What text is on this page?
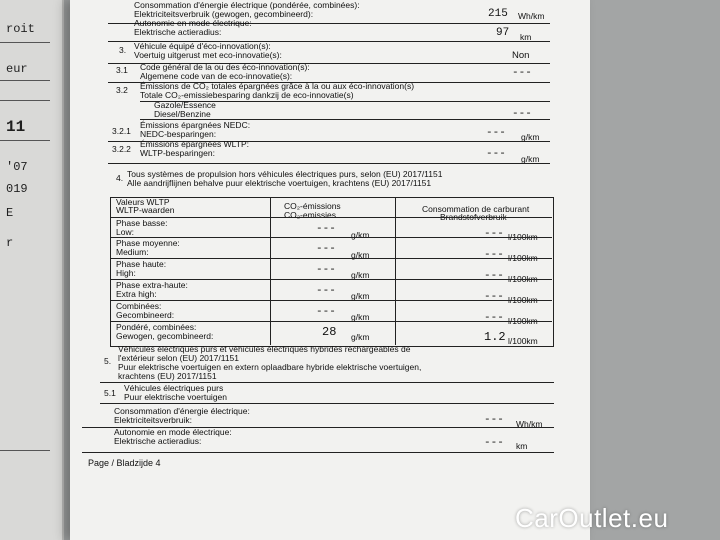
roit
eur
11
'07
019
E
r
Consommation d'énergie électrique (pondérée, combinées):
Elektriciteitsverbruik (gewogen, gecombineerd):	215 Wh/km
Autonomie en mode électrique:
Elektrische actieradius:	97 km
3. Véhicule équipé d'éco-innovation(s):
Voertuig uitgerust met eco-innovatie(s):	Non
3.1 Code général de la ou des éco-innovation(s):
Algemene code van de eco-innovatie(s):	---
3.2 Émissions de CO₂ totales épargnées grâce à la ou aux éco-innovation(s)
Totale CO₂-emissiebesparing dankzij de eco-innovatie(s)
Gazole/Essence
Diesel/Benzine	---
3.2.1
Émissions épargnées NEDC:
NEDC-besparingen:	--- g/km
3.2.2 Émissions épargnées WLTP:
WLTP-besparingen:	--- g/km
4. Tous systèmes de propulsion hors véhicules électriques purs, selon (EU) 2017/1151
Alle aandrijflijnen behalve puur elektrische voertuigen, krachtens (EU) 2017/1151
Valeurs WLTP
WLTP-waarden	CO₂-émissions
CO₂-emissies
Consommation de carburant
Brandstofverbruik
Phase basse:
Low:	--- g/km	--- l/100km
Phase moyenne:
Medium:	--- g/km	--- l/100km
Phase haute:
High:	--- g/km	--- l/100km
Phase extra-haute:
Extra high:	--- g/km	--- l/100km
Combinées:
Gecombineerd:	--- g/km	--- l/100km
Pondéré, combinées:
Gewogen, gecombineerd:	28 g/km	1.2 l/100km
5.
Véhicules électriques purs et véhicules électriques hybrides rechargeables de
l'extérieur selon (EU) 2017/1151
Puur elektrische voertuigen en extern oplaadbare hybride elektrische voertuigen,
krachtens (EU) 2017/1151
5.1 Véhicules électriques purs
Puur elektrische voertuigen
Consommation d'énergie électrique:
Elektriciteitsverbruik:	--- Wh/km
Autonomie en mode électrique:
Elektrische actieradius:	--- km
Page / Bladzijde 4
CarOutlet.eu
